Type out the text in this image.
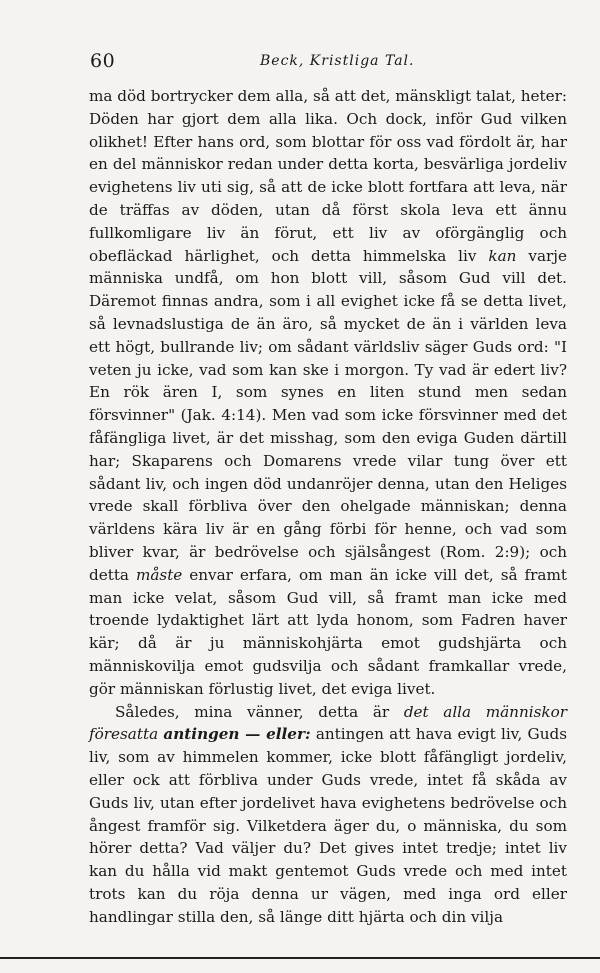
60	Beck, Kristliga Tal.

ma död bortrycker dem alla, så att det, mänskligt talat, heter: Döden har gjort dem alla lika. Och dock, inför Gud vilken olikhet! Efter hans ord, som blottar för oss vad fördolt är, har en del människor redan under detta korta, besvärliga jordeliv evighetens liv uti sig, så att de icke blott fortfara att leva, när de träffas av döden, utan då först skola leva ett ännu fullkomligare liv än förut, ett liv av oförgänglig och obefläckad härlighet, och detta himmelska liv kan varje människa undfå, om hon blott vill, såsom Gud vill det. Däremot finnas andra, som i all evighet icke få se detta livet, så levnadslustiga de än äro, så mycket de än i världen leva ett högt, bullrande liv; om sådant världsliv säger Guds ord: "I veten ju icke, vad som kan ske i morgon. Ty vad är edert liv? En rök ären I, som synes en liten stund men sedan försvinner" (Jak. 4:14). Men vad som icke försvinner med det fåfängliga livet, är det misshag, som den eviga Guden därtill har; Skaparens och Domarens vrede vilar tung över ett sådant liv, och ingen död undanröjer denna, utan den Heliges vrede skall förbliva över den ohelgade människan; denna världens kära liv är en gång förbi för henne, och vad som bliver kvar, är bedrövelse och själsångest (Rom. 2:9); och detta måste envar erfara, om man än icke vill det, så framt man icke velat, såsom Gud vill, så framt man icke med troende lydaktighet lärt att lyda honom, som Fadren haver kär; då är ju människohjärta emot gudshjärta och människovilja emot gudsvilja och sådant framkallar vrede, gör människan förlustig livet, det eviga livet.

Således, mina vänner, detta är det alla människor föresatta antingen — eller: antingen att hava evigt liv, Guds liv, som av himmelen kommer, icke blott fåfängligt jordeliv, eller ock att förbliva under Guds vrede, intet få skåda av Guds liv, utan efter jordelivet hava evighetens bedrövelse och ångest framför sig. Vilketdera äger du, o människa, du som hörer detta? Vad väljer du? Det gives intet tredje; intet liv kan du hålla vid makt gentemot Guds vrede och med intet trots kan du röja denna ur vägen, med inga ord eller handlingar stilla den, så länge ditt hjärta och din vilja
